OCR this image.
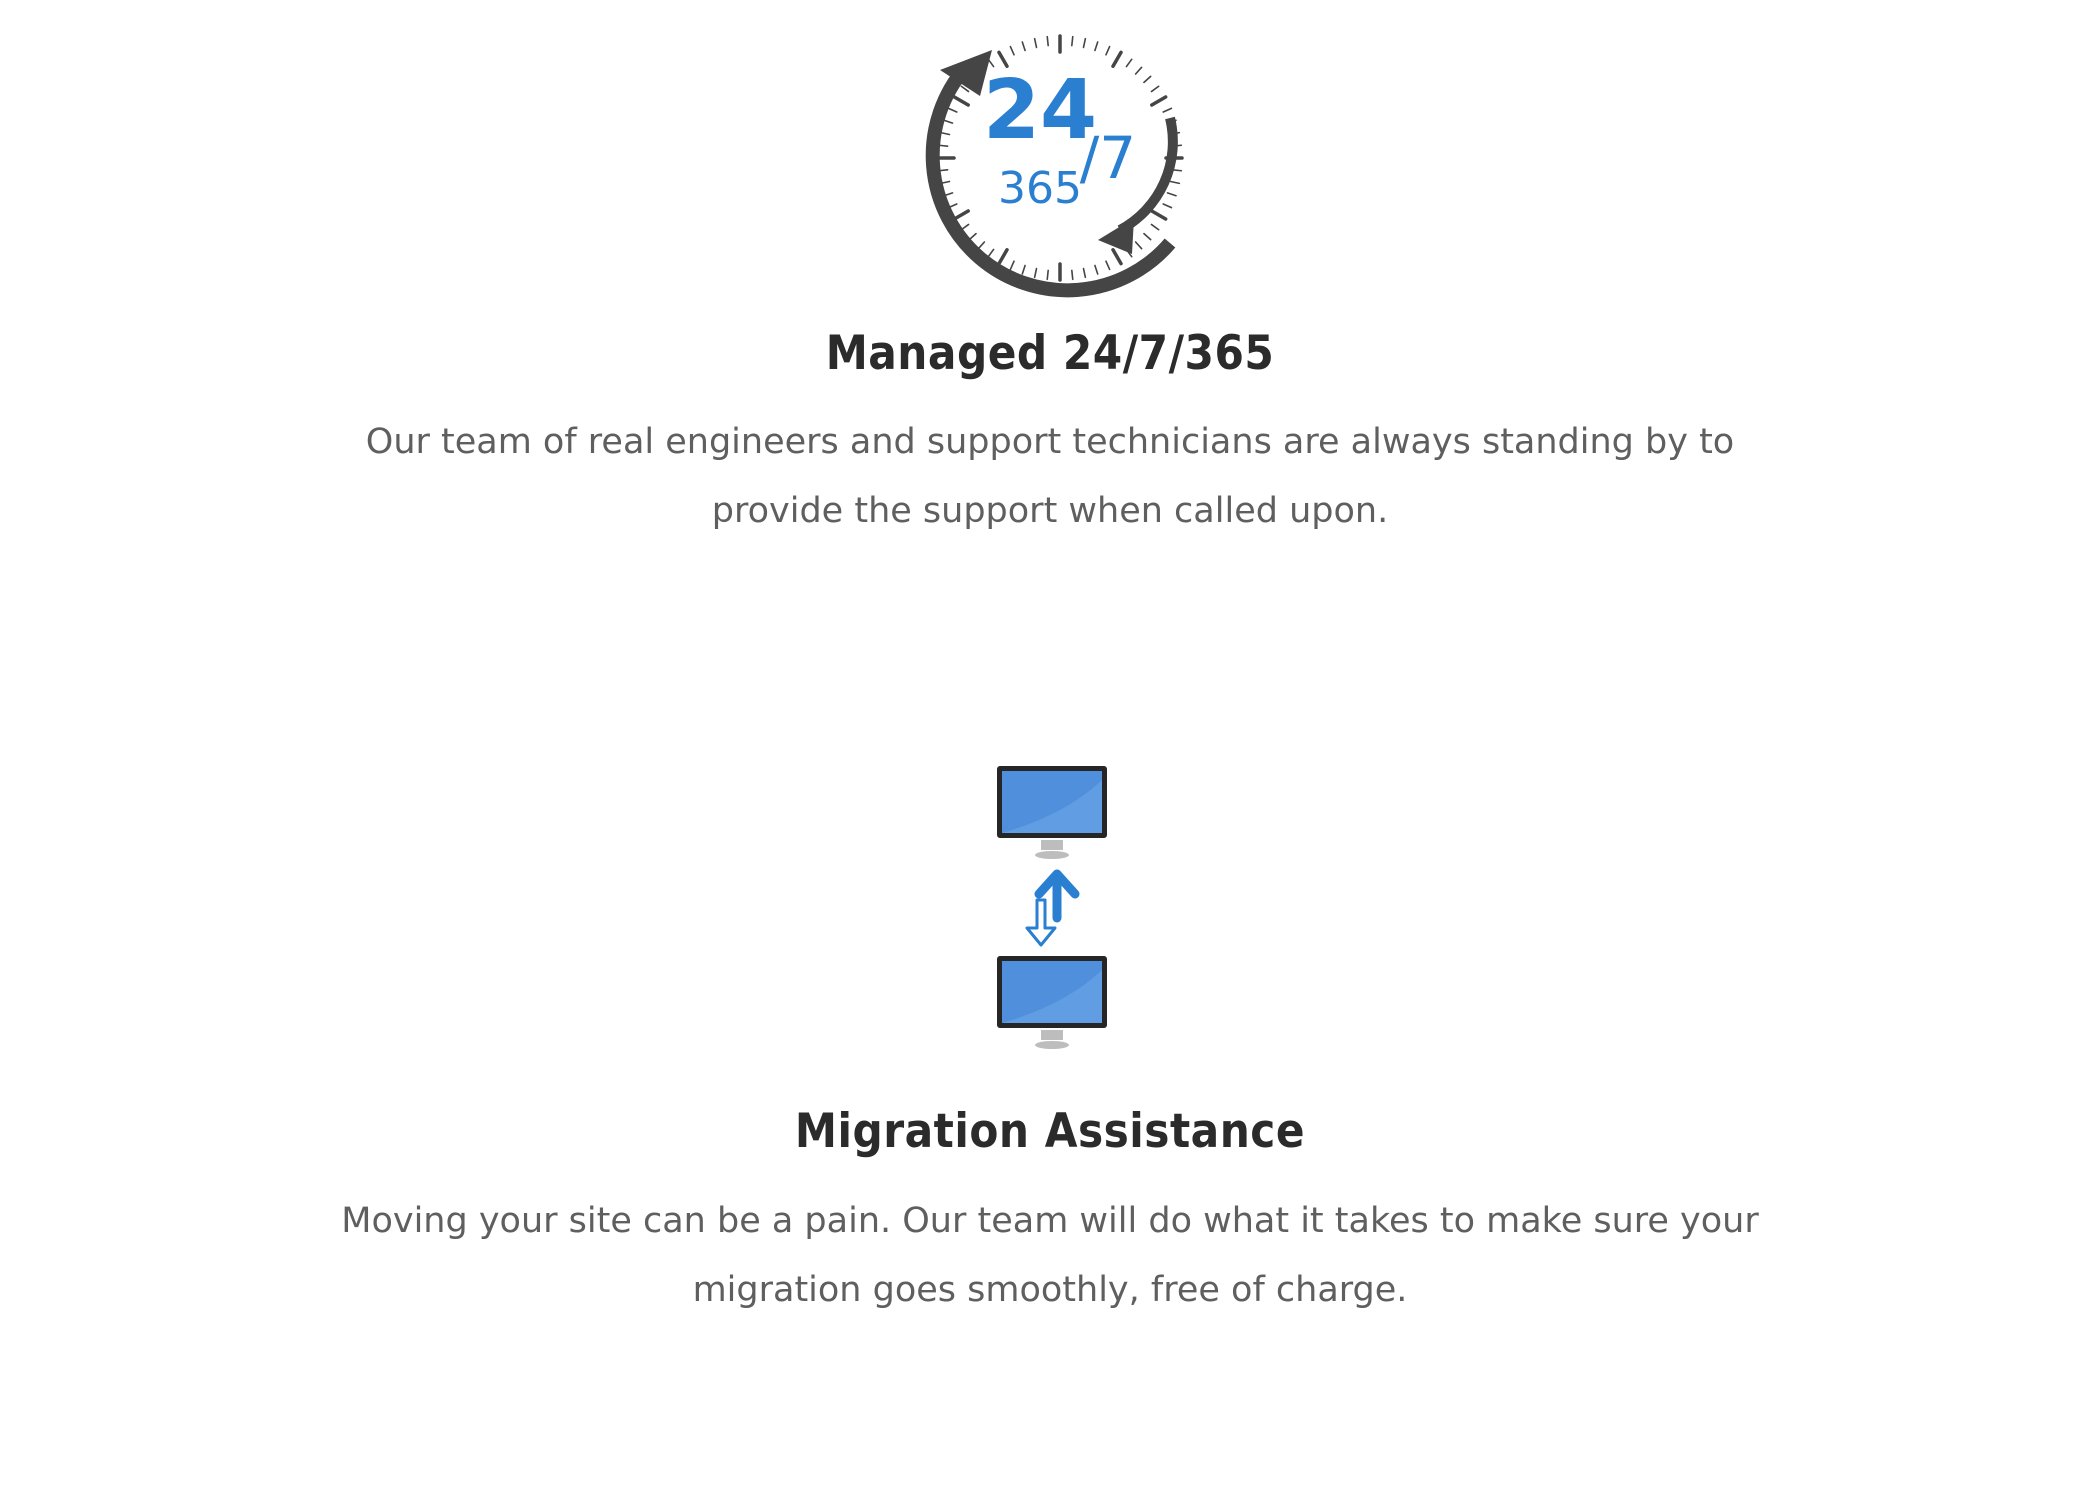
24
/7
365
Managed 24/7/365

Our team of real engineers and support technicians are always standing by to provide the support when called upon.

Migration Assistance

Moving your site can be a pain. Our team will do what it takes to make sure your migration goes smoothly, free of charge.
